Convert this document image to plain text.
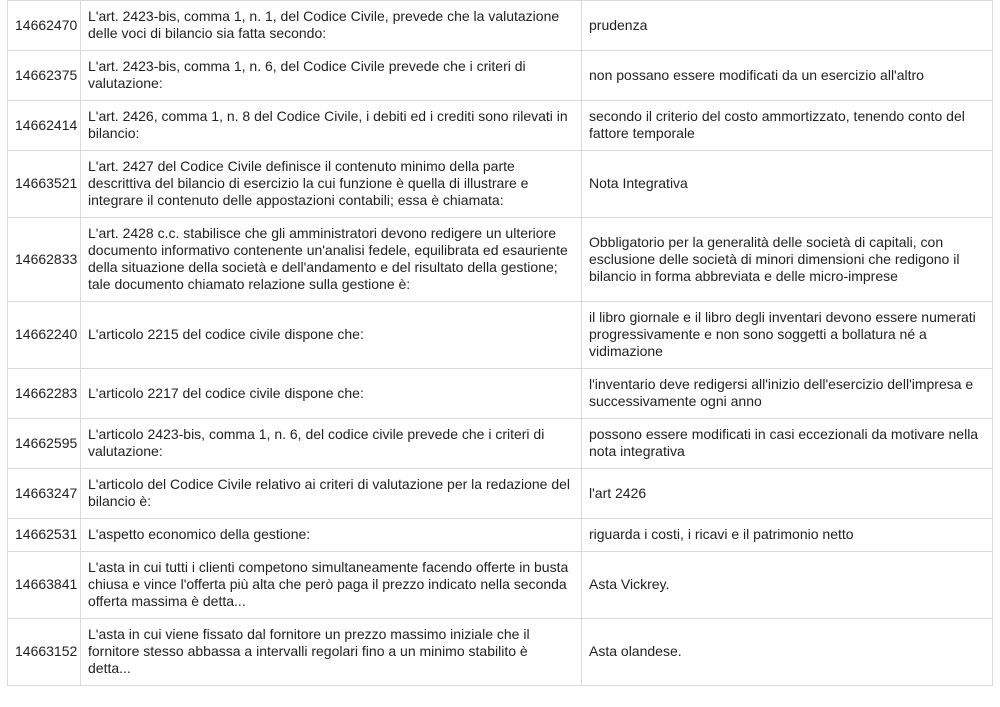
14662470	L'art. 2423-bis, comma 1, n. 1, del Codice Civile, prevede che la valutazione delle voci di bilancio sia fatta secondo:	prudenza
14662375	L'art. 2423-bis, comma 1, n. 6, del Codice Civile prevede che i criteri di valutazione:	non possano essere modificati da un esercizio all'altro
14662414	L'art. 2426, comma 1, n. 8 del Codice Civile, i debiti ed i crediti sono rilevati in bilancio:	secondo il criterio del costo ammortizzato, tenendo conto del fattore temporale
14663521	L'art. 2427 del Codice Civile definisce il contenuto minimo della parte descrittiva del bilancio di esercizio la cui funzione è quella di illustrare e integrare il contenuto delle appostazioni contabili; essa è chiamata:	Nota Integrativa
14662833	L'art. 2428 c.c. stabilisce che gli amministratori devono redigere un ulteriore documento informativo contenente un'analisi fedele, equilibrata ed esauriente della situazione della società e dell'andamento e del risultato della gestione; tale documento chiamato relazione sulla gestione è:	Obbligatorio per la generalità delle società di capitali, con esclusione delle società di minori dimensioni che redigono il bilancio in forma abbreviata e delle micro-imprese
14662240	L'articolo 2215 del codice civile dispone che:	il libro giornale e il libro degli inventari devono essere numerati progressivamente e non sono soggetti a bollatura né a vidimazione
14662283	L'articolo 2217 del codice civile dispone che:	l'inventario deve redigersi all'inizio dell'esercizio dell'impresa e successivamente ogni anno
14662595	L'articolo 2423-bis, comma 1, n. 6, del codice civile prevede che i criteri di valutazione:	possono essere modificati in casi eccezionali da motivare nella nota integrativa
14663247	L'articolo del Codice Civile relativo ai criteri di valutazione per la redazione del bilancio è:	l'art 2426
14662531	L'aspetto economico della gestione:	riguarda i costi, i ricavi e il patrimonio netto
14663841	L'asta in cui tutti i clienti competono simultaneamente facendo offerte in busta chiusa e vince l'offerta più alta che però paga il prezzo indicato nella seconda offerta massima è detta...	Asta Vickrey.
14663152	L'asta in cui viene fissato dal fornitore un prezzo massimo iniziale che il fornitore stesso abbassa a intervalli regolari fino a un minimo stabilito è detta...	Asta olandese.
